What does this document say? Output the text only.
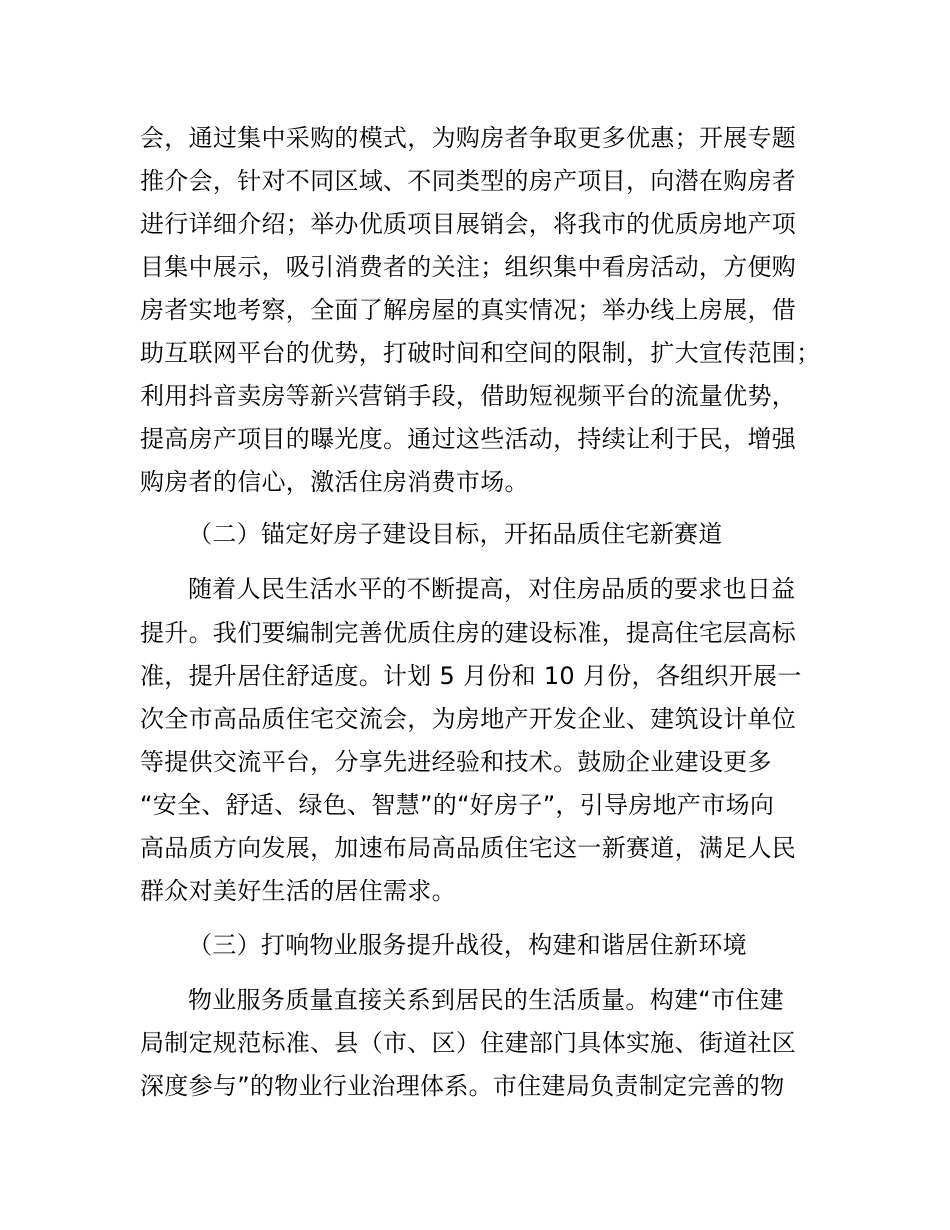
会，通过集中采购的模式，为购房者争取更多优惠；开展专题
推介会，针对不同区域、不同类型的房产项目，向潜在购房者
进行详细介绍；举办优质项目展销会，将我市的优质房地产项
目集中展示，吸引消费者的关注；组织集中看房活动，方便购
房者实地考察，全面了解房屋的真实情况；举办线上房展，借
助互联网平台的优势，打破时间和空间的限制，扩大宣传范围；
利用抖音卖房等新兴营销手段，借助短视频平台的流量优势，
提高房产项目的曝光度。通过这些活动，持续让利于民，增强
购房者的信心，激活住房消费市场。
（二）锚定好房子建设目标，开拓品质住宅新赛道
随着人民生活水平的不断提高，对住房品质的要求也日益
提升。我们要编制完善优质住房的建设标准，提高住宅层高标
准，提升居住舒适度。计划 5 月份和 10 月份，各组织开展一
次全市高品质住宅交流会，为房地产开发企业、建筑设计单位
等提供交流平台，分享先进经验和技术。鼓励企业建设更多
“安全、舒适、绿色、智慧”的“好房子”，引导房地产市场向
高品质方向发展，加速布局高品质住宅这一新赛道，满足人民
群众对美好生活的居住需求。
（三）打响物业服务提升战役，构建和谐居住新环境
物业服务质量直接关系到居民的生活质量。构建“市住建
局制定规范标准、县（市、区）住建部门具体实施、街道社区
深度参与”的物业行业治理体系。市住建局负责制定完善的物
